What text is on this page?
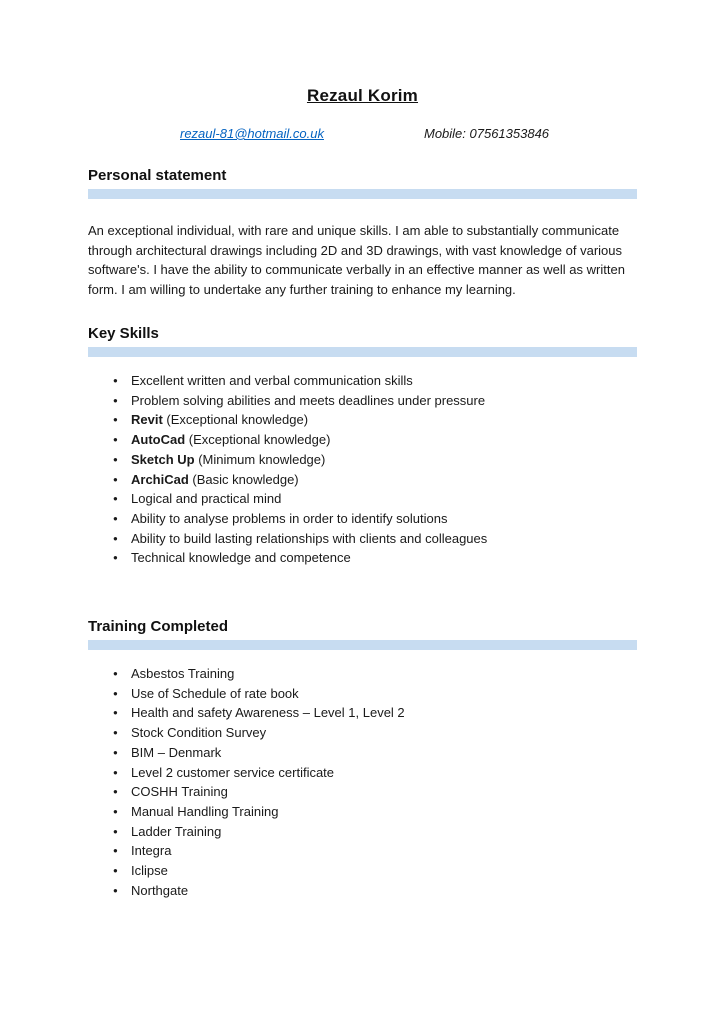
Rezaul Korim
rezaul-81@hotmail.co.uk	Mobile: 07561353846
Personal statement

An exceptional individual, with rare and unique skills. I am able to substantially communicate through architectural drawings including 2D and 3D drawings, with vast knowledge of various software's. I have the ability to communicate verbally in an effective manner as well as written form. I am willing to undertake any further training to enhance my learning.

Key Skills
● Excellent written and verbal communication skills
● Problem solving abilities and meets deadlines under pressure
● Revit (Exceptional knowledge)
● AutoCad (Exceptional knowledge)
● Sketch Up (Minimum knowledge)
● ArchiCad (Basic knowledge)
● Logical and practical mind
● Ability to analyse problems in order to identify solutions
● Ability to build lasting relationships with clients and colleagues
● Technical knowledge and competence
Training Completed
● Asbestos Training
● Use of Schedule of rate book
● Health and safety Awareness – Level 1, Level 2
● Stock Condition Survey
● BIM – Denmark
● Level 2 customer service certificate
● COSHH Training
● Manual Handling Training
● Ladder Training
● Integra
● Iclipse
● Northgate
